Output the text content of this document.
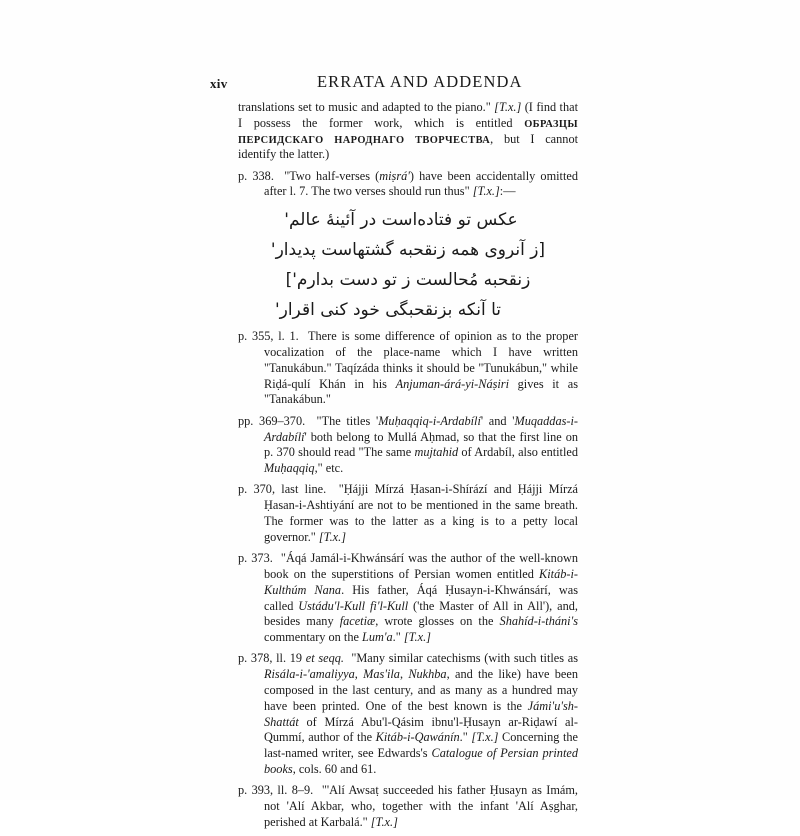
xiv	ERRATA AND ADDENDA

translations set to music and adapted to the piano." [T.x.] (I find that I possess the former work, which is entitled ОБРАЗЦЫ ПЕРСИДСКАГО НАРОДНАГО ТВОРЧЕСТВА, but I cannot identify the latter.)

p. 338.  "Two half-verses (miṣrá') have been accidentally omitted after l. 7. The two verses should run thus" [T.x.]:—

عکس تو فتاده‌است در آئینهٔ عالم'
[ز آنروی همه زنقحبه گشتهاست پدیدار'
زنقحبه مُحالست ز تو دست بدارم']
تا آنکه بزنقحبگی خود کنی اقرار'

p. 355, l. 1.  There is some difference of opinion as to the proper vocalization of the place-name which I have written "Tanukábun." Taqízáda thinks it should be "Tunukábun," while Riḍá-qulí Khán in his Anjuman-árá-yi-Náṣiri gives it as "Tanakábun."

pp. 369–370.  "The titles 'Muḥaqqiq-i-Ardabílí' and 'Muqaddas-i-Ardabílí' both belong to Mullá Aḥmad, so that the first line on p. 370 should read "The same mujtahid of Ardabíl, also entitled Muḥaqqiq," etc.

p. 370, last line.  "Ḥájji Mírzá Ḥasan-i-Shírází and Ḥájji Mírzá Ḥasan-i-Ashtiyání are not to be mentioned in the same breath. The former was to the latter as a king is to a petty local governor." [T.x.]

p. 373.  "Áqá Jamál-i-Khwánsárí was the author of the well-known book on the superstitions of Persian women entitled Kitáb-i-Kulthúm Nana. His father, Áqá Ḥusayn-i-Khwánsárí, was called Ustádu'l-Kull fi'l-Kull ('the Master of All in All'), and, besides many facetiæ, wrote glosses on the Shahíd-i-tháni's commentary on the Lum'a." [T.x.]

p. 378, ll. 19 et seqq.  "Many similar catechisms (with such titles as Risála-i-'amaliyya, Mas'ila, Nukhba, and the like) have been composed in the last century, and as many as a hundred may have been printed. One of the best known is the Jámi'u'sh-Shattát of Mírzá Abu'l-Qásim ibnu'l-Ḥusayn ar-Riḍawí al-Qummí, author of the Kitáb-i-Qawánín." [T.x.] Concerning the last-named writer, see Edwards's Catalogue of Persian printed books, cols. 60 and 61.

p. 393, ll. 8–9.  "'Alí Awsaṭ succeeded his father Ḥusayn as Imám, not 'Alí Akbar, who, together with the infant 'Alí Aṣghar, perished at Karbalá." [T.x.]
